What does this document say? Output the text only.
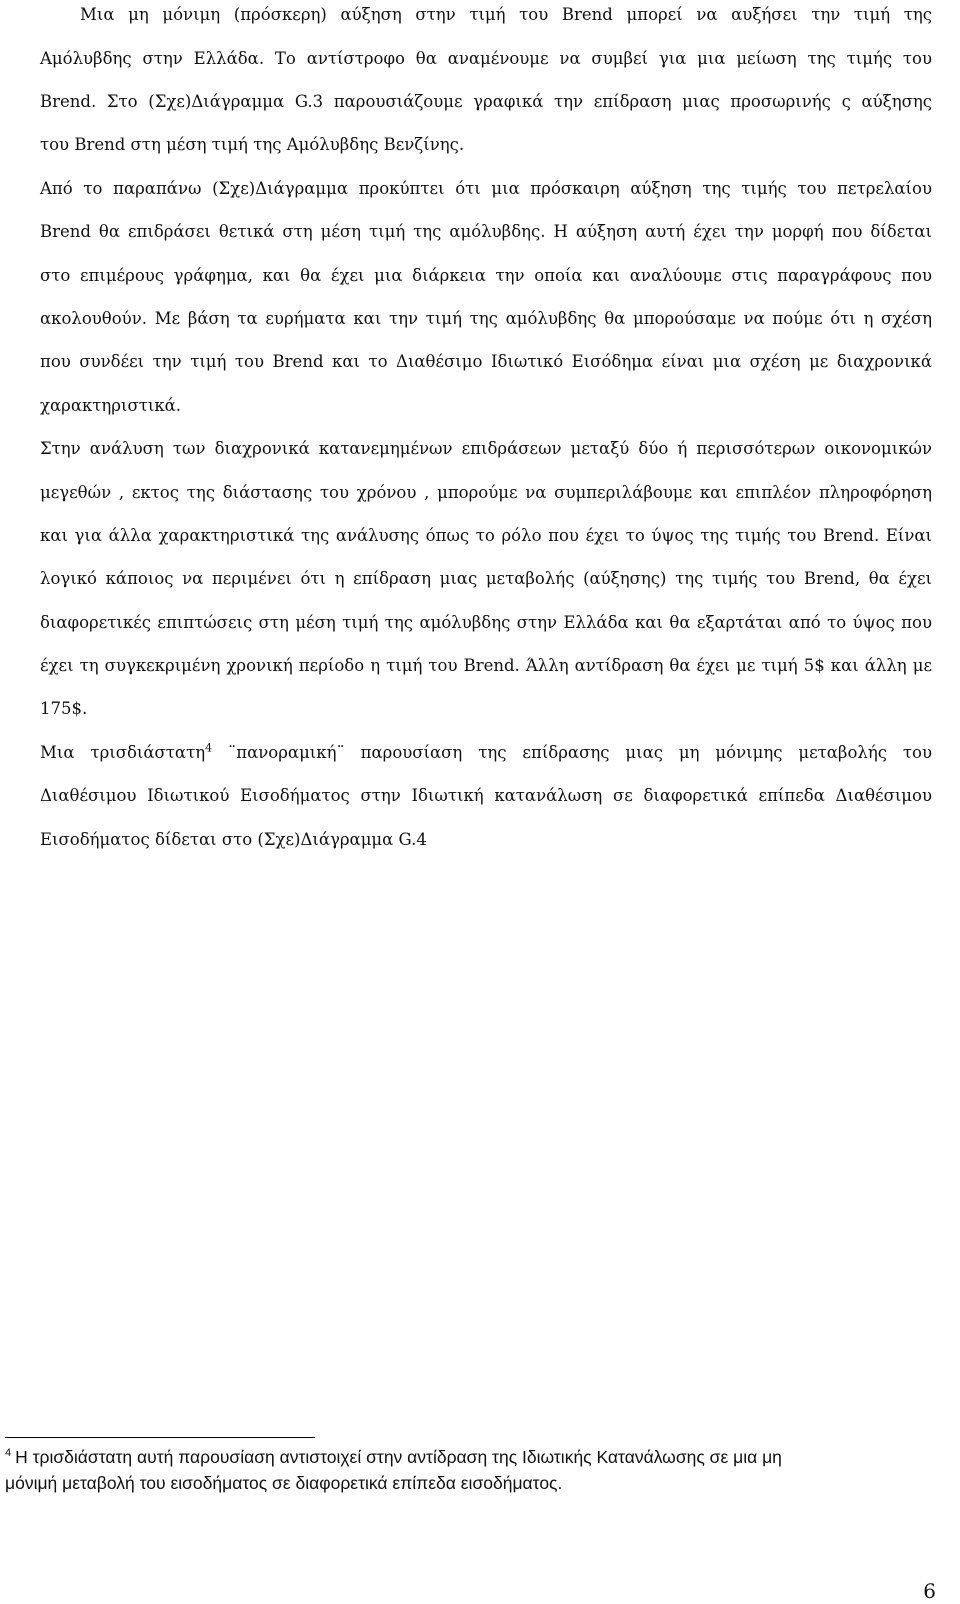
Μια μη μόνιμη (πρόσκερη) αύξηση στην τιμή του Brend μπορεί να αυξήσει την τιμή της
Αμόλυβδης στην Ελλάδα. Το αντίστροφο θα αναμένουμε να συμβεί για μια μείωση της τιμής του
Brend. Στο (Σχε)Διάγραμμα G.3 παρουσιάζουμε γραφικά την επίδραση μιας προσωρινής ς αύξησης
του Brend στη μέση τιμή της Αμόλυβδης Βενζίνης.
Από το παραπάνω (Σχε)Διάγραμμα προκύπτει ότι μια πρόσκαιρη αύξηση της τιμής του πετρελαίου
Brend θα επιδράσει θετικά στη μέση τιμή της αμόλυβδης. Η αύξηση αυτή έχει την μορφή που δίδεται
στο επιμέρους γράφημα, και θα έχει μια διάρκεια την οποία και αναλύουμε στις παραγράφους που
ακολουθούν. Με βάση τα ευρήματα και την τιμή της αμόλυβδης θα μπορούσαμε να πούμε ότι η σχέση
που συνδέει την τιμή του Brend και το Διαθέσιμο Ιδιωτικό Εισόδημα είναι μια σχέση με διαχρονικά
χαρακτηριστικά.
Στην ανάλυση των διαχρονικά κατανεμημένων επιδράσεων μεταξύ δύο ή περισσότερων οικονομικών
μεγεθών , εκτος της διάστασης του χρόνου , μπορούμε να συμπεριλάβουμε και επιπλέον πληροφόρηση
και για άλλα χαρακτηριστικά της ανάλυσης όπως το ρόλο που έχει το ύψος της τιμής του Brend. Είναι
λογικό κάποιος να περιμένει ότι η επίδραση μιας μεταβολής (αύξησης) της τιμής του Brend, θα έχει
διαφορετικές επιπτώσεις στη μέση τιμή της αμόλυβδης στην Ελλάδα και θα εξαρτάται από το ύψος που
έχει τη συγκεκριμένη χρονική περίοδο η τιμή του Brend. Άλλη αντίδραση θα έχει με τιμή 5$ και άλλη με
175$.
Μια τρισδιάστατη$^4$ ¨πανοραμική¨ παρουσίαση της επίδρασης μιας μη μόνιμης μεταβολής του
Διαθέσιμου Ιδιωτικού Εισοδήματος στην Ιδιωτική κατανάλωση σε διαφορετικά επίπεδα Διαθέσιμου
Εισοδήματος δίδεται στο (Σχε)Διάγραμμα G.4
$^4$ Η τρισδιάστατη αυτή παρουσίαση αντιστοιχεί στην αντίδραση της Ιδιωτικής Κατανάλωσης σε μια μη
μόνιμή μεταβολή του εισοδήματος σε διαφορετικά επίπεδα εισοδήματος.
6
